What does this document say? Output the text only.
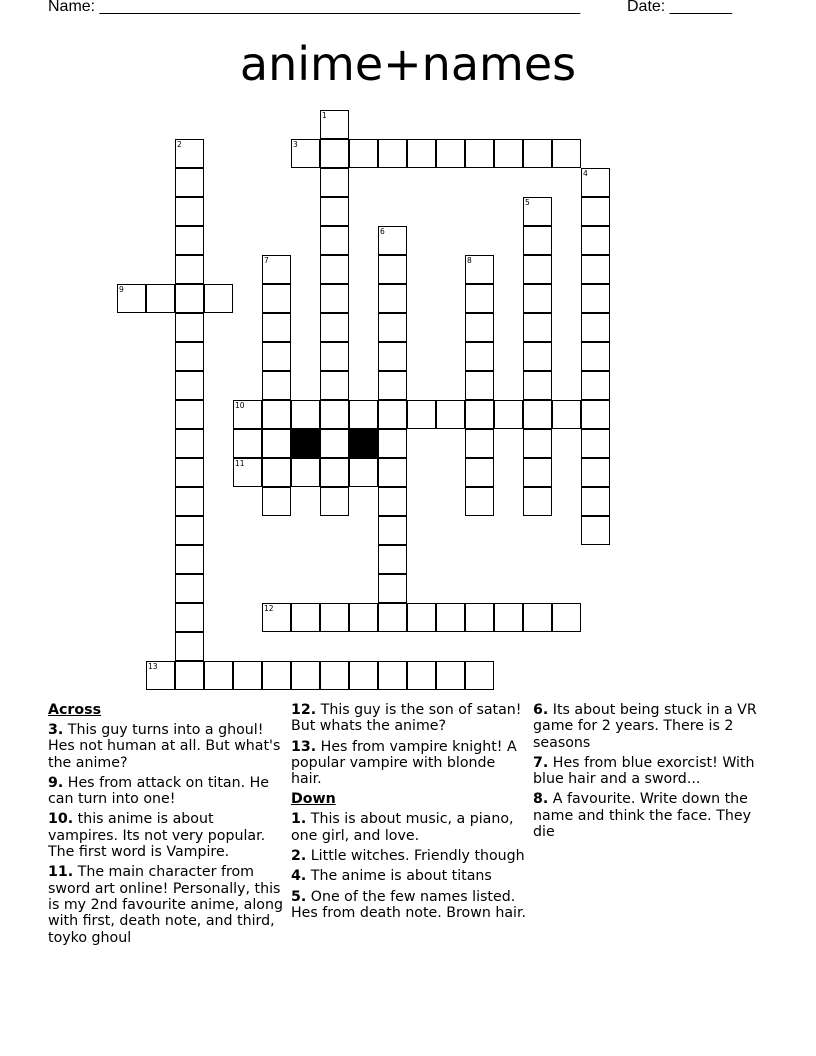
Name: ______________________________________________________	Date: _______
anime+names
1
2	3
4
5
6
7	8
9
10
11
12
13
Across
3. This guy turns into a ghoul! Hes not human at all. But what's the anime?
9. Hes from attack on titan. He can turn into one!
10. this anime is about vampires. Its not very popular. The first word is Vampire.
11. The main character from sword art online! Personally, this is my 2nd favourite anime, along with first, death note, and third, toyko ghoul
12. This guy is the son of satan! But whats the anime?
13. Hes from vampire knight! A popular vampire with blonde hair.
Down
1. This is about music, a piano, one girl, and love.
2. Little witches. Friendly though
4. The anime is about titans
5. One of the few names listed. Hes from death note. Brown hair.
6. Its about being stuck in a VR game for 2 years. There is 2 seasons
7. Hes from blue exorcist! With blue hair and a sword...
8. A favourite. Write down the name and think the face. They die
